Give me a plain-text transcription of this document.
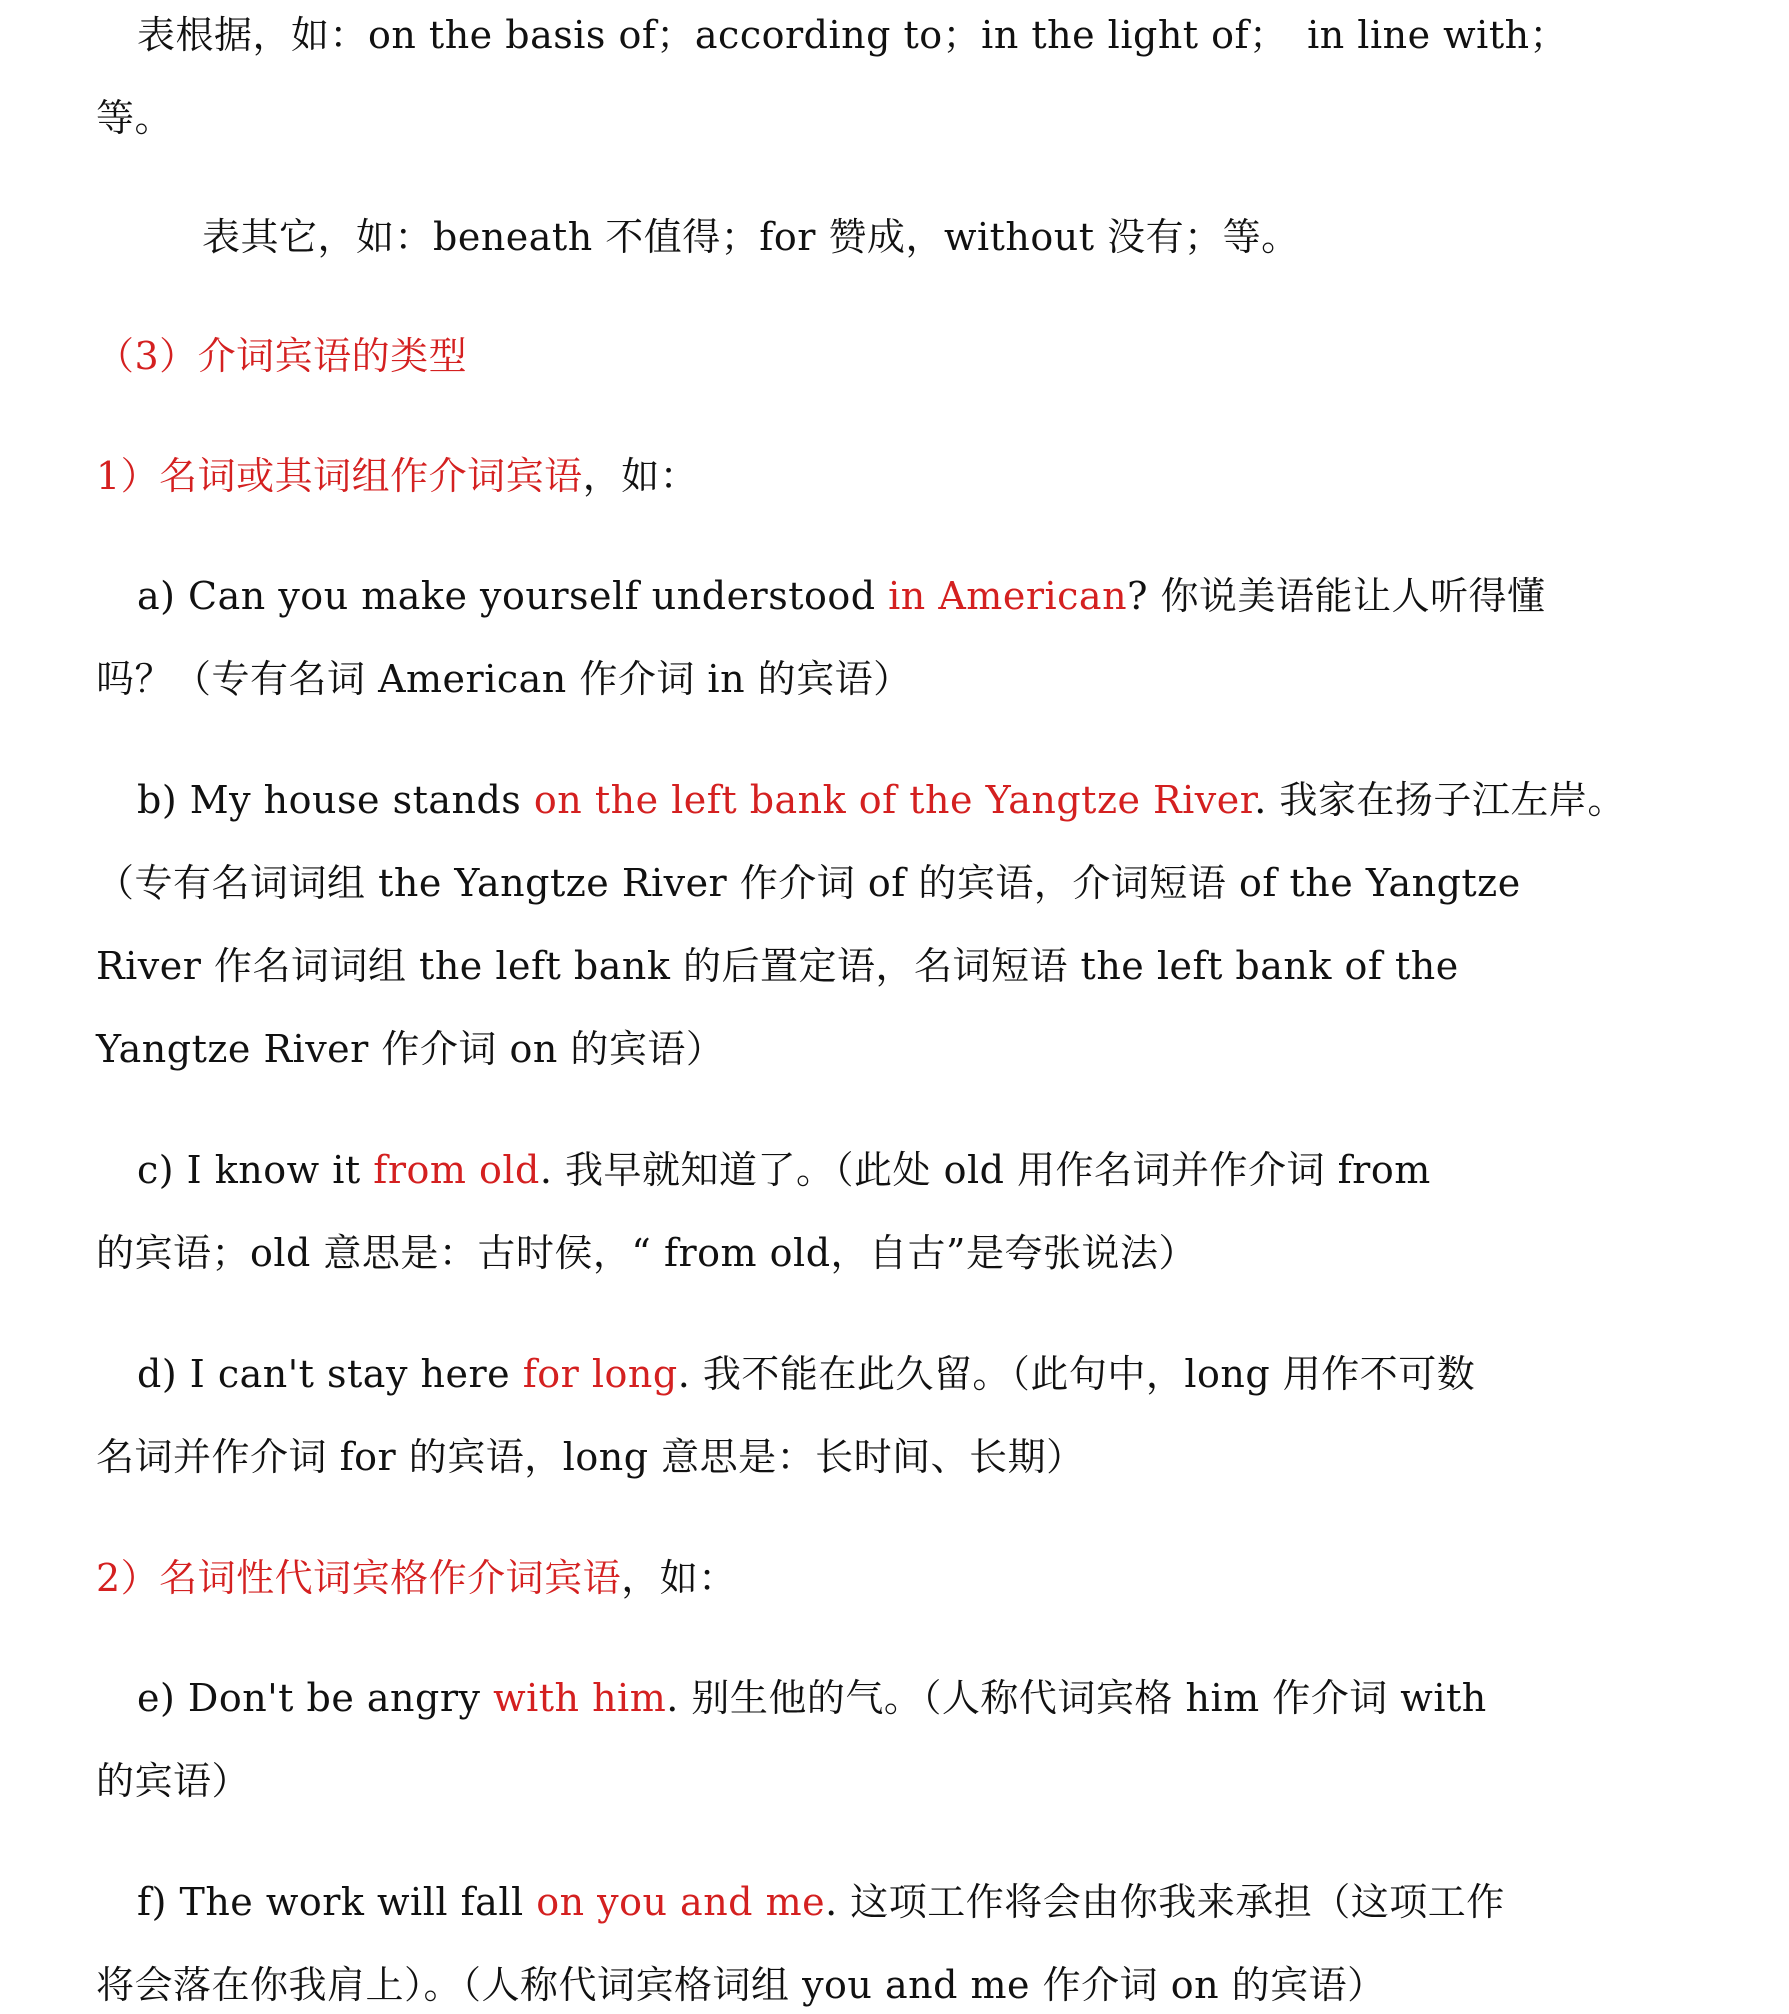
表根据，如：on the basis of；according to；in the light of；　in line with；
等。
表其它，如：beneath 不值得；for 赞成，without 没有；等。
（3）介词宾语的类型
1）名词或其词组作介词宾语，如：
a) Can you make yourself understood in American? 你说美语能让人听得懂
吗？（专有名词 American 作介词 in 的宾语）
b) My house stands on the left bank of the Yangtze River. 我家在扬子江左岸。
（专有名词词组 the Yangtze River 作介词 of 的宾语，介词短语 of the Yangtze
River 作名词词组 the left bank 的后置定语，名词短语 the left bank of the
Yangtze River 作介词 on 的宾语）
c) I know it from old. 我早就知道了。（此处 old 用作名词并作介词 from
的宾语；old 意思是：古时侯，“ from old，自古”是夸张说法）
d) I can't stay here for long. 我不能在此久留。（此句中，long 用作不可数
名词并作介词 for 的宾语，long 意思是：长时间、长期）
2）名词性代词宾格作介词宾语，如：
e) Don't be angry with him. 别生他的气。（人称代词宾格 him 作介词 with
的宾语）
f) The work will fall on you and me. 这项工作将会由你我来承担（这项工作
将会落在你我肩上）。（人称代词宾格词组 you and me 作介词 on 的宾语）
